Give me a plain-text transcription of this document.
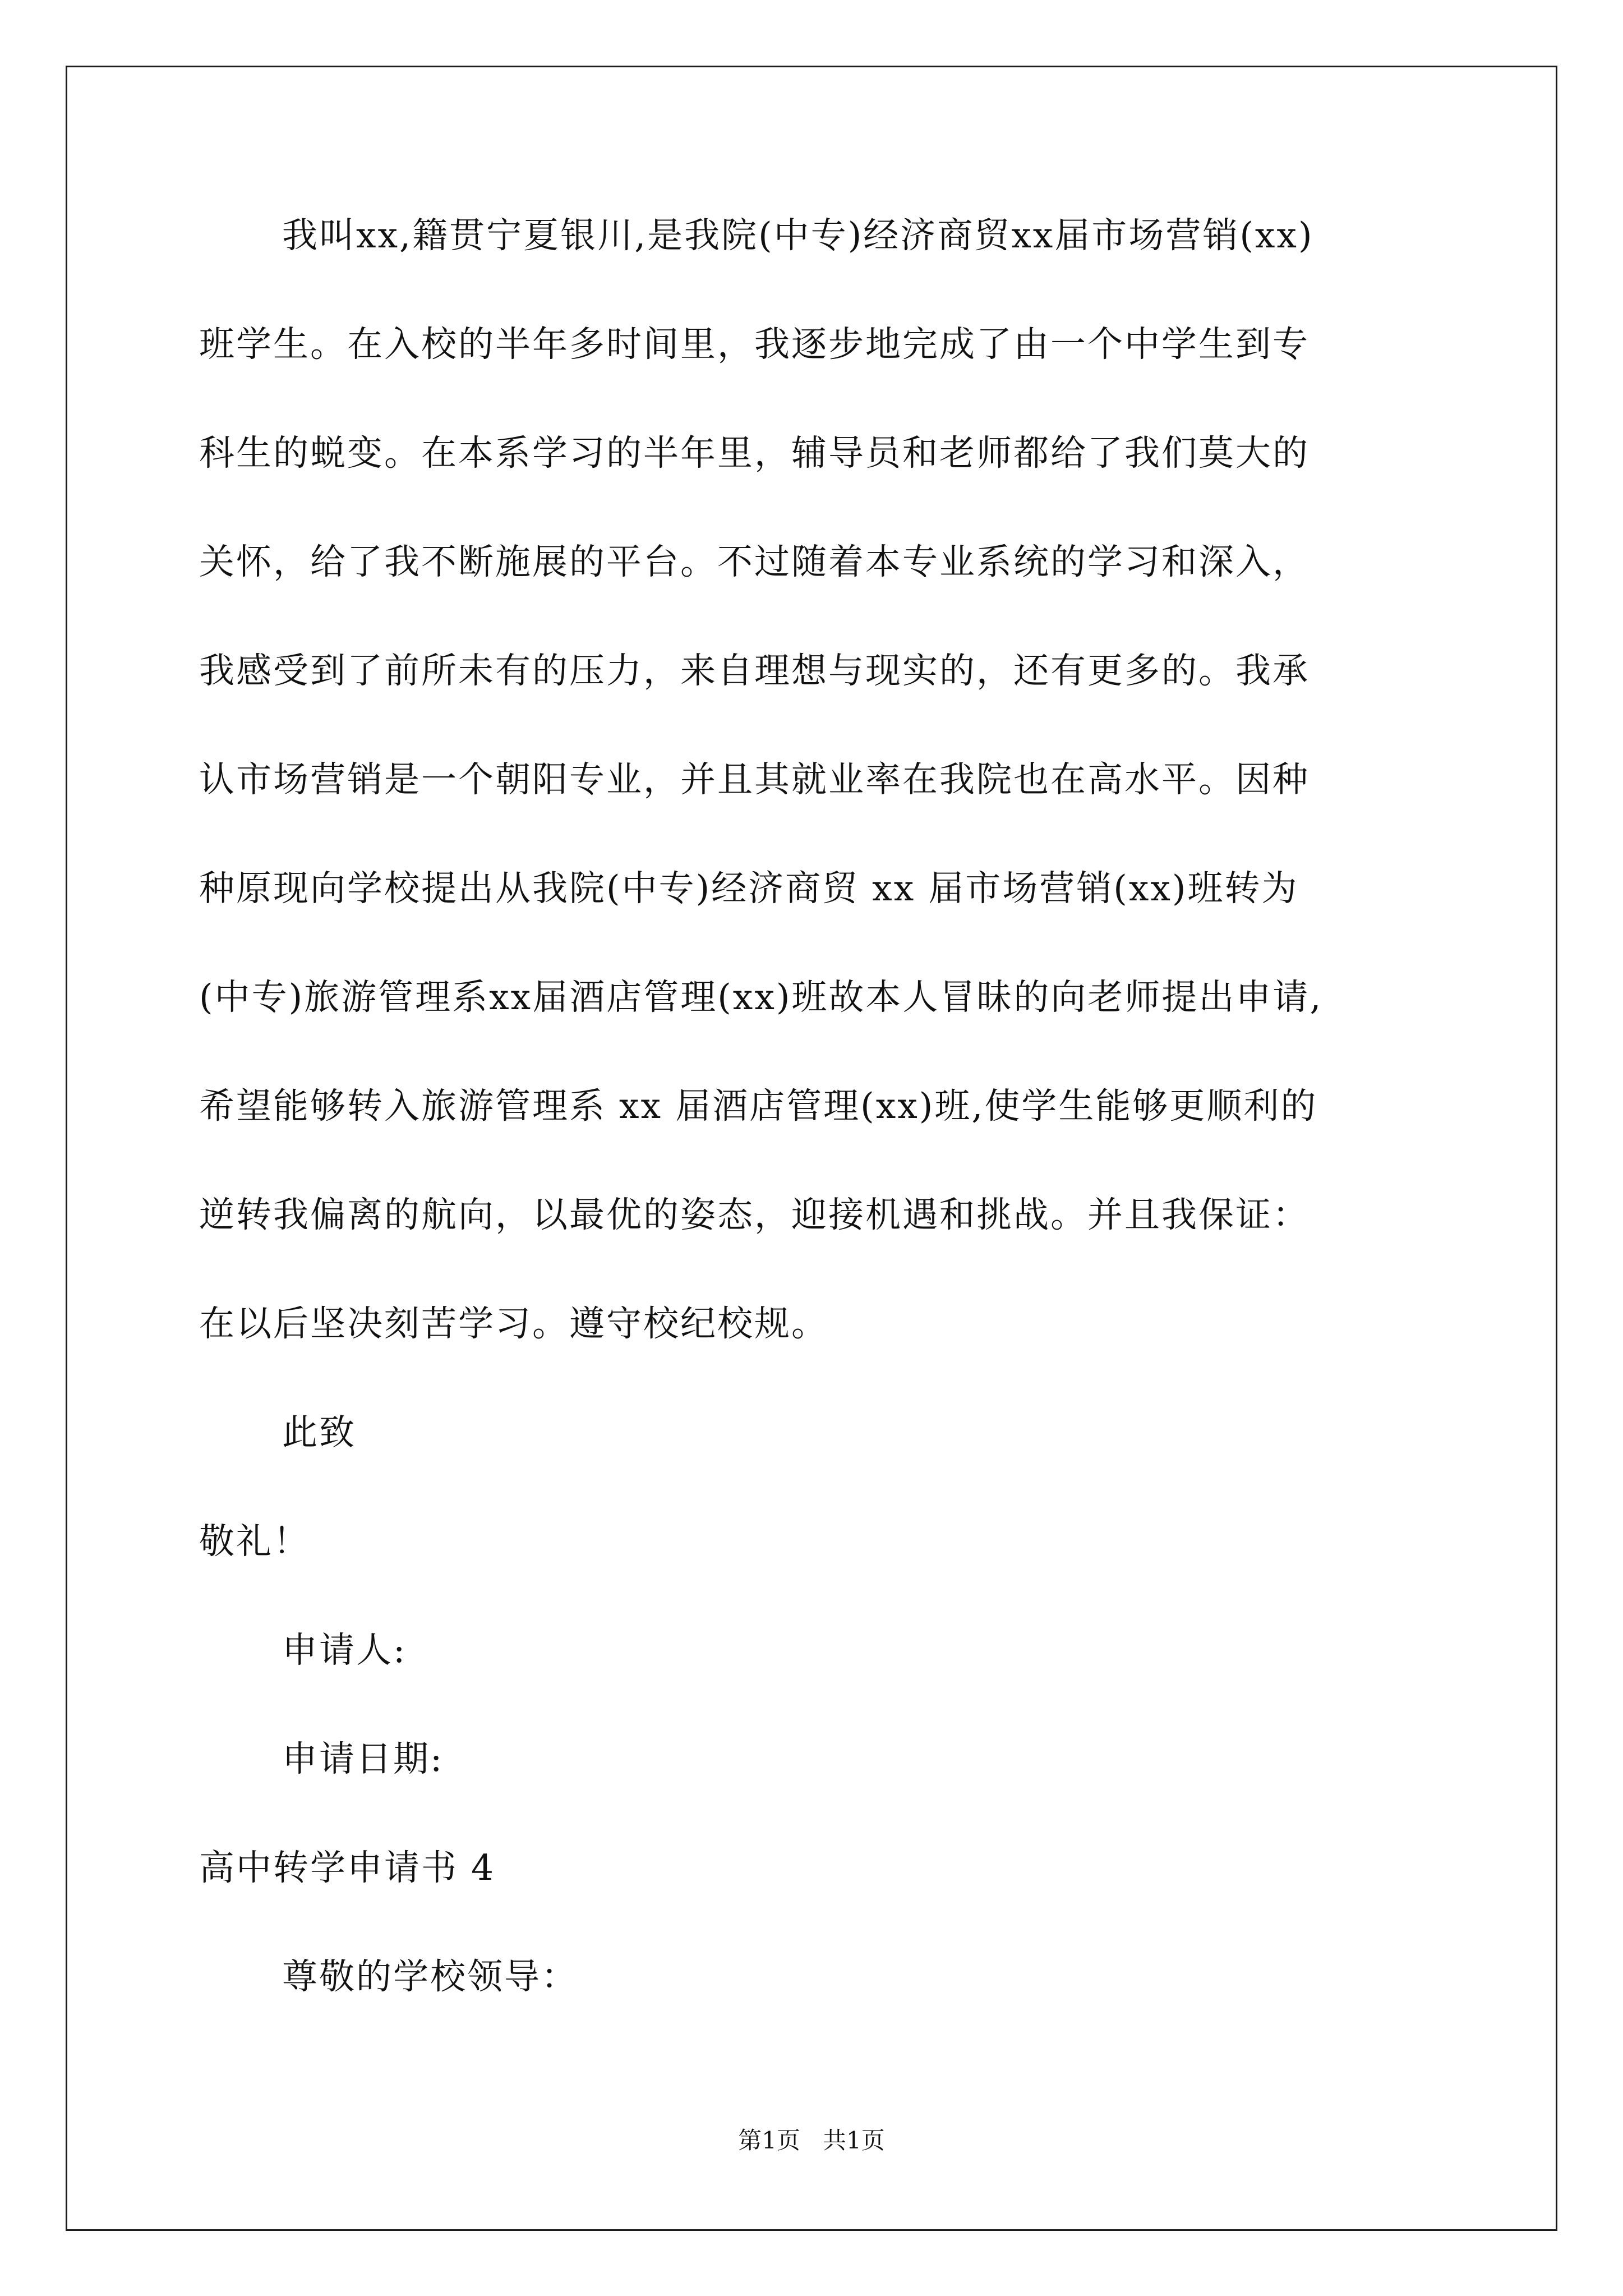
我叫xx,籍贯宁夏银川,是我院(中专)经济商贸xx届市场营销(xx)
班学生。在入校的半年多时间里，我逐步地完成了由一个中学生到专
科生的蜕变。在本系学习的半年里，辅导员和老师都给了我们莫大的
关怀，给了我不断施展的平台。不过随着本专业系统的学习和深入，
我感受到了前所未有的压力，来自理想与现实的，还有更多的。我承
认市场营销是一个朝阳专业，并且其就业率在我院也在高水平。因种
种原现向学校提出从我院(中专)经济商贸 xx 届市场营销(xx)班转为
(中专)旅游管理系xx届酒店管理(xx)班故本人冒昧的向老师提出申请,
希望能够转入旅游管理系 xx 届酒店管理(xx)班,使学生能够更顺利的
逆转我偏离的航向，以最优的姿态，迎接机遇和挑战。并且我保证：
在以后坚决刻苦学习。遵守校纪校规。
此致
敬礼！
申请人:
申请日期:
高中转学申请书 4
尊敬的学校领导：
第1页   共1页
